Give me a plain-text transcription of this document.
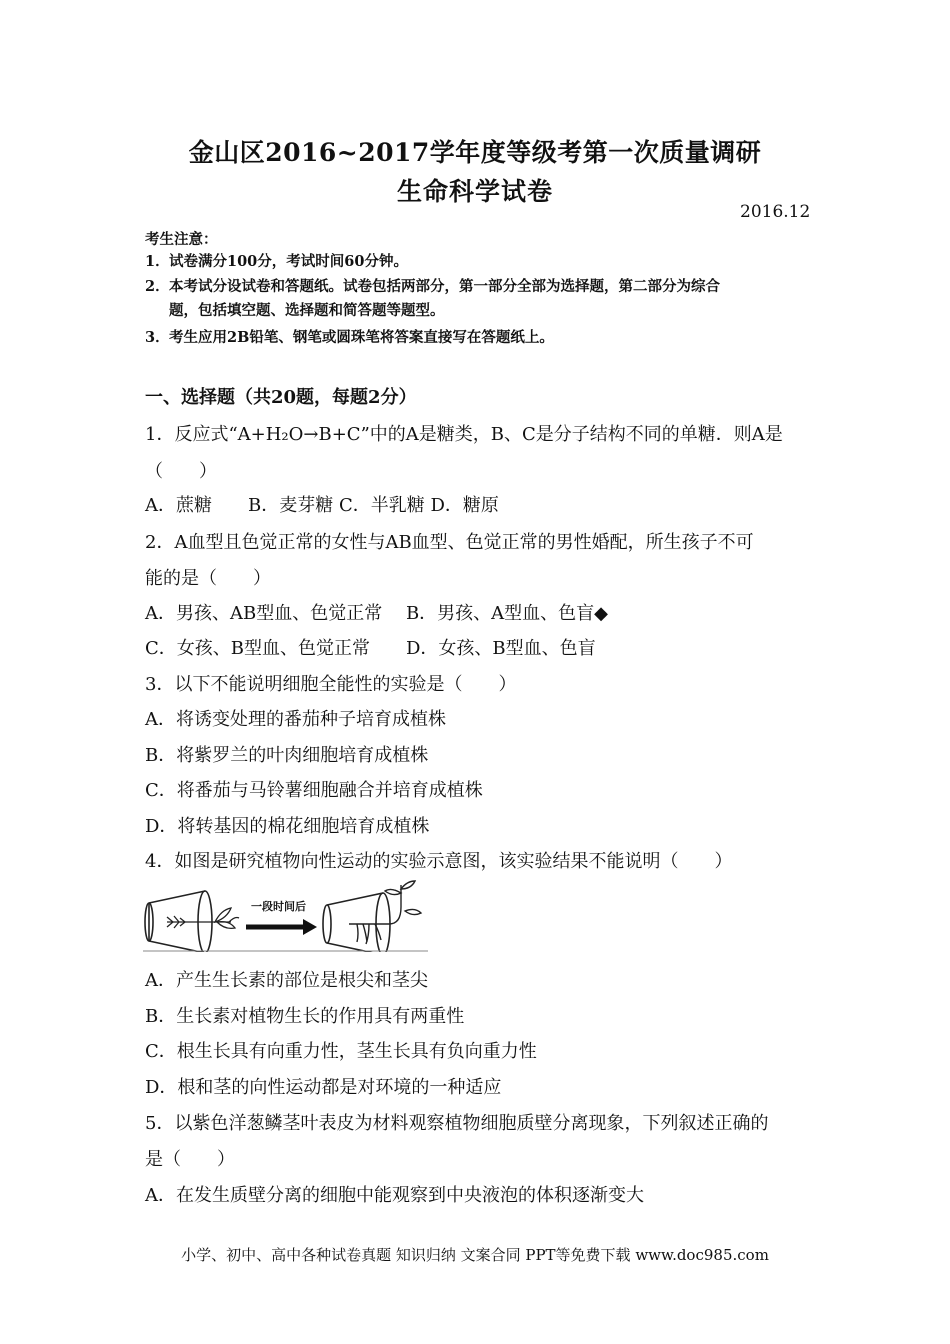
金山区2016~2017学年度等级考第一次质量调研
生命科学试卷
2016.12
考生注意：
1．试卷满分100分，考试时间60分钟。
2．本考试分设试卷和答题纸。试卷包括两部分，第一部分全部为选择题，第二部分为综合
题，包括填空题、选择题和简答题等题型。
3．考生应用2B铅笔、钢笔或圆珠笔将答案直接写在答题纸上。
一、选择题（共20题，每题2分）
1．反应式“A+H₂O→B+C”中的A是糖类，B、C是分子结构不同的单糖．则A是
（　　）
A．蔗糖　　B．麦芽糖 C．半乳糖 D．糖原
2．A血型且色觉正常的女性与AB血型、色觉正常的男性婚配，所生孩子不可
能的是（　　）
A．男孩、AB型血、色觉正常　 B．男孩、A型血、色盲◆
C．女孩、B型血、色觉正常　　D．女孩、B型血、色盲
3．以下不能说明细胞全能性的实验是（　　）
A．将诱变处理的番茄种子培育成植株
B．将紫罗兰的叶肉细胞培育成植株
C．将番茄与马铃薯细胞融合并培育成植株
D．将转基因的棉花细胞培育成植株
4．如图是研究植物向性运动的实验示意图，该实验结果不能说明（　　）
一段时间后
A．产生生长素的部位是根尖和茎尖
B．生长素对植物生长的作用具有两重性
C．根生长具有向重力性，茎生长具有负向重力性
D．根和茎的向性运动都是对环境的一种适应
5．以紫色洋葱鳞茎叶表皮为材料观察植物细胞质壁分离现象，下列叙述正确的
是（　　）
A．在发生质壁分离的细胞中能观察到中央液泡的体积逐渐变大
小学、初中、高中各种试卷真题 知识归纳 文案合同 PPT等免费下载 www.doc985.com
